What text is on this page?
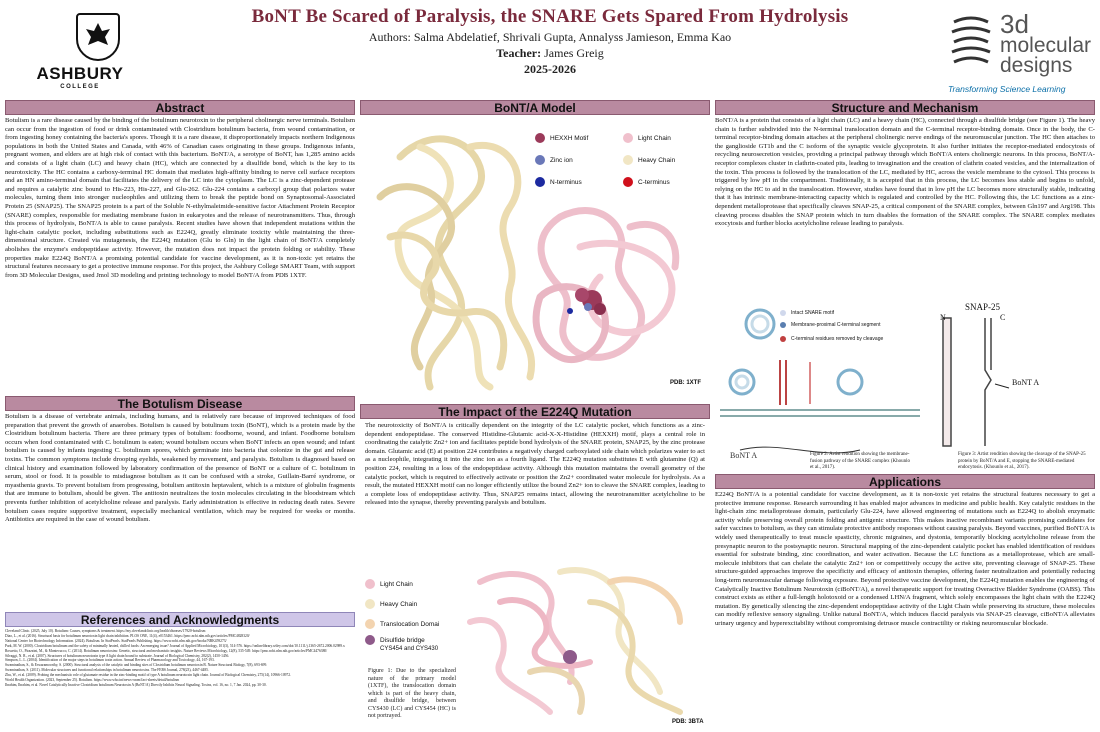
ASHBURY
COLLEGE
BoNT Be Scared of Paralysis, the SNARE Gets Spared From Hydrolysis
Authors: Salma Abdelatief, Shrivali Gupta, Annalyss Jamieson, Emma Kao
Teacher: James Greig
2025-2026
3d
molecular
designs
Transforming Science Learning
Abstract
Botulism is a rare disease caused by the binding of the botulinum neurotoxin to the peripheral cholinergic nerve terminals. Botulism can occur from the ingestion of food or drink contaminated with Clostridium botulinum bacteria, from wound contamination, or from ingesting honey containing the bacteria's spores. Though it is a rare disease, it disproportionately impacts northern Indigenous populations in both the United States and Canada, with 46% of Canadian cases originating in these groups. Indigenous infants, pregnant women, and elders are at high risk of contact with this bacterium. BoNT/A, a serotype of BoNT, has 1,285 amino acids and consists of a light chain (LC) and heavy chain (HC), which are connected by a disulfide bond, which is the key to its neurotoxicity. The HC contains a carboxy-terminal HC domain that mediates high-affinity binding to nerve cell surface receptors and an HN amino-terminal domain that facilitates the delivery of the LC into the cytoplasm. The LC is a zinc-dependent protease and requires a catalytic zinc bound to His-223, His-227, and Glu-262. Glu-224 contains a carboxyl group that polarizes water molecules, turning them into stronger nucleophiles and utilizing them to break the peptide bond on Synaptosomal-Associated Protein 25 (SNAP25). The SNAP25 protein is a part of the Soluble N-ethylmaleimide-sensitive factor Attachment Protein Receptor (SNARE) complex, responsible for mediating membrane fusion in eukaryotes and the release of neurotransmitters. Thus, through this process of hydrolysis, BoNT/A is able to cause paralysis. Recent studies have shown that independent mutations within the light-chain catalytic pocket, including substitutions such as E224Q, greatly eliminate toxicity while maintaining the three-dimensional structure. Created via mutagenesis, the E224Q mutation (Glu to Gln) in the light chain of BoNT/A completely abolishes the enzyme's endopeptidase activity. However, the mutation does not impact the protein folding or stability. These properties make E224Q BoNT/A a promising potential candidate for vaccine development, as it is non-toxic yet retains the structural features necessary to get a protective immune response. For this project, the Ashbury College SMART Team, with support from 3D Molecular Designs, used Jmol 3D modeling and printing technology to model BoNT/A from PDB 1XTF.
The Botulism Disease
Botulism is a disease of vertebrate animals, including humans, and is relatively rare because of improved techniques of food preparation that prevent the growth of anaerobes. Botulism is caused by botulinum toxin (BoNT), which is a protein made by the Clostridium botulinum bacteria. There are three primary types of botulism: foodborne, wound, and infant. Foodborne botulism occurs when food contaminated with C. botulinum is eaten; wound botulism occurs when BoNT infects an open wound; and infant botulism is caused by infants ingesting C. botulinum spores, which germinate into bacteria that colonize in the gut and release toxins. The common symptoms include drooping eyelids, weakened by movement, and paralysis. Botulism is diagnosed based on clinical history and examination followed by laboratory confirmation of the presence of BoNT or a culture of C. botulinum in serum, stool or food. It is possible to misdiagnose botulism as it can be confused with a stroke, Guillain-Barré syndrome, or myasthenia gravis. To prevent botulism from progressing, botulism antitoxin heptavalent, which is a mixture of globulin fragments that are immune to botulism, should be given. The antitoxin neutralizes the toxin molecules circulating in the bloodstream which prevents further inhibition of acetylcholine release and paralysis. Early administration is effective in reducing death rates. Severe botulism cases require supportive treatment, especially mechanical ventilation, which may be required for weeks or months. Antibiotics are required in the case of wound botulism.
References and Acknowledgments
Cleveland Clinic. (2025, July 10). Botulism: Causes, symptoms & treatment. https://my.clevelandclinic.org/health/diseases/17920-botulism
Diao, L., et al. (2016). Structural basis for botulinum neurotoxin light chain inhibition. PLOS ONE, 11(4), e0153461. https://pmc.ncbi.nlm.nih.gov/articles/PMC4828320/
National Center for Biotechnology Information. (2024). Botulism. In StatPearls. StatPearls Publishing. https://www.ncbi.nlm.nih.gov/books/NBK459273/
Park, M. W. (2000). Clostridium botulinum and the safety of minimally heated, chilled foods: An emerging issue? Journal of Applied Microbiology, 101(3), 514-576. https://onlinelibrary.wiley.com/doi/10.1111/j.1365-2672.2006.02989.x
Rossetto, O., Pirazzini, M., & Montecucco, C. (2014). Botulinum neurotoxins: Genetic, structural and mechanistic insights. Nature Reviews Microbiology, 12(8), 535-549. https://pmc.ncbi.nlm.nih.gov/articles/PMC4476380/
Silvaggi, N. R., et al. (2007). Structures of botulinum neurotoxin type A light chain bound to substrate. Journal of Biological Chemistry, 282(2), 1450-1456.
Simpson, L. L. (2004). Identification of the major steps in botulinum toxin action. Annual Review of Pharmacology and Toxicology, 44, 167-193.
Swaminathan, S., & Eswaramoorthy, S. (2000). Structural analysis of the catalytic and binding sites of Clostridium botulinum neurotoxin B. Nature Structural Biology, 7(8), 693-699.
Swaminathan, S. (2011). Molecular structures and functional relationships in botulinum neurotoxins. The FEBS Journal, 278(23), 4467-4485.
Zhu, W., et al. (2009). Probing the mechanistic role of glutamate residue in the zinc-binding motif of type A botulinum neurotoxin light chain. Journal of Biological Chemistry, 275(14), 10966-10972.
World Health Organization. (2023, September 25). Botulism. https://www.who.int/news-room/fact-sheets/detail/botulism
Ibrahim, Ibrahim, et al. Novel Catalytically Inactive Clostridium botulinum Neurotoxin A (BoNT/A) Directly Inhibits Neural Signaling. Toxins, vol. 16, no. 1, 7 Jan. 2024, pp. 30-30.
BoNT/A Model
HEXXH Motif	Light Chain
Zinc ion	Heavy Chain
N-terminus	C-terminus
PDB: 1XTF
The Impact of the E224Q Mutation
The neurotoxicity of BoNT/A is critically dependent on the integrity of the LC catalytic pocket, which functions as a zinc-dependent endopeptidase. The conserved Histidine-Glutamic acid-X-X-Histidine (HEXXH) motif, plays a central role in coordinating the catalytic Zn2+ ion and facilitates peptide bond hydrolysis of the SNARE protein, SNAP25, by the zinc protease domain. Glutamic acid (E) at position 224 contributes a negatively charged carboxylated side chain which polarizes water to act as a nucleophile, integrating it into the zinc ion as a fourth ligand. The E224Q mutation substitutes E with glutamine (Q) at position 224, resulting in a loss of the endopeptidase activity. Although this mutation maintains the overall geometry of the catalytic pocket, which is required to effectively activate or position the Zn2+ coordinated water molecule for hydrolysis. As a result, the mutated HEXXH motif can no longer efficiently utilize the bound Zn2+ ion to cleave the SNARE complex, leading to a complete loss of endopeptidase activity. Thus, SNAP25 remains intact, allowing the neurotransmitter acetylcholine to be released into the synapse, thereby preventing paralysis and botulism.
Light Chain
Heavy Chain
Translocation Domai
Disulfide bridge
CYS454 and CYS430
Figure 1: Due to the specialized nature of the primary model (1XTF), the translocation domain which is part of the heavy chain, and disulfide bridge, between CYS430 (LC) and CYS454 (HC) is not portrayed.
PDB: 3BTA
Structure and Mechanism
BoNT/A is a protein that consists of a light chain (LC) and a heavy chain (HC), connected through a disulfide bridge (see Figure 1). The heavy chain is further subdivided into the N-terminal translocation domain and the C-terminal receptor-binding domain. Once in the body, the C-terminal receptor-binding domain attaches at the peripheral cholinergic nerve endings of the neuromuscular junction. The HC then attaches to the ganglioside GT1b and the C isoform of the synaptic vesicle glycoprotein. It also further initiates the receptor-mediated endocytosis of recycling neurosecretion vesicles, providing a principal pathway through which BoNT/A enters cholinergic neurons. In this process, BoNT/A-receptor complexes cluster in clathrin-coated pits, leading to invagination and the creation of clathrin coated vesicles, and the internalization of the toxin. This process is followed by the translocation of the LC, mediated by HC, across the vesicle membrane to the cytosol. This process is triggered by low pH in the compartment. Traditionally, it is accepted that in this process, the LC becomes less stable and begins to unfold, relying on the HC to aid in the translocation. However, studies have found that in low pH the LC becomes more structurally stable, indicating that it has intrinsic membrane-interacting capacity which is regulated and controlled by the HC. Following this, the LC functions as a zinc-dependent metalloprotease that specifically cleaves SNAP-25, a critical component of the SNARE complex, between Gln197 and Arg198. This cleaving process disables the SNAP protein which in turn disables the formation of the SNARE complex. The SNARE complex mediates exocytosis and further blocks acetylcholine release leading to paralysis.
BoNT A
Intact SNARE motif
Membrane-proximal C-terminal segment
C-terminal residues removed by cleavage
Figure 2: Artist rendition showing the membrane-fusion pathway of the SNARE complex (Khounlo et al., 2017).
SNAP-25
N	C
BoNT A
Figure 3: Artist rendition showing the cleavage of the SNAP-25 protein by BoNT/A and E, stopping the SNARE-mediated endocytosis. (Khounlo et al., 2017).
Applications
E224Q BoNT/A is a potential candidate for vaccine development, as it is non-toxic yet retains the structural features necessary to get a protective immune response. Research surrounding it has enabled major advances in medicine and public health. Key catalytic residues in the light-chain zinc metalloprotease domain, particularly Glu-224, have allowed engineering of mutations such as E224Q to abolish enzymatic activity while preserving overall protein folding and antigenic structure. This makes inactive recombinant variants promising candidates for safer vaccines to botulism, as they can stimulate protective antibody responses without causing paralysis. Beyond vaccines, purified BoNT/A is widely used therapeutically to treat muscle spasticity, chronic migraines, and dystonia, temporarily blocking acetylcholine release from the presynaptic neuron to the postsynaptic neuron. Structural mapping of the zinc-dependent catalytic pocket has enabled identification of residues essential for substrate binding, zinc coordination, and water activation. Because the LC functions as a metalloprotease, which are small-molecule inhibitors that can chelate the catalytic Zn2+ ion or competitively occupy the active site, preventing cleavage of SNAP-25. These structure-guided approaches improve the specificity and efficacy of antitoxin therapies, offering faster neutralization and potentially reducing long-term neuromuscular damage following exposure. Beyond protective vaccine development, the E224Q mutation enables the engineering of Catalytically Inactive Botulinum Neurotoxin (ciBoNT/A), a novel therapeutic support for treating Overactive Bladder Syndrome (OABS). This construct exists as either a full-length holotoxoid or a condensed LHN/A fragment, which solely encompasses the light chain with the E224Q mutation. By genetically silencing the zinc-dependent endopeptidase activity of the Light Chain while preserving its structure, these molecules can modify reflexive sensory signaling. Unlike natural BoNT/A, which induces flaccid paralysis via SNAP-25 cleavage, ciBoNT/A alleviates urinary urgency and hyperexcitability without compromising detrusor muscle contractility or risking neuromuscular blockade.
